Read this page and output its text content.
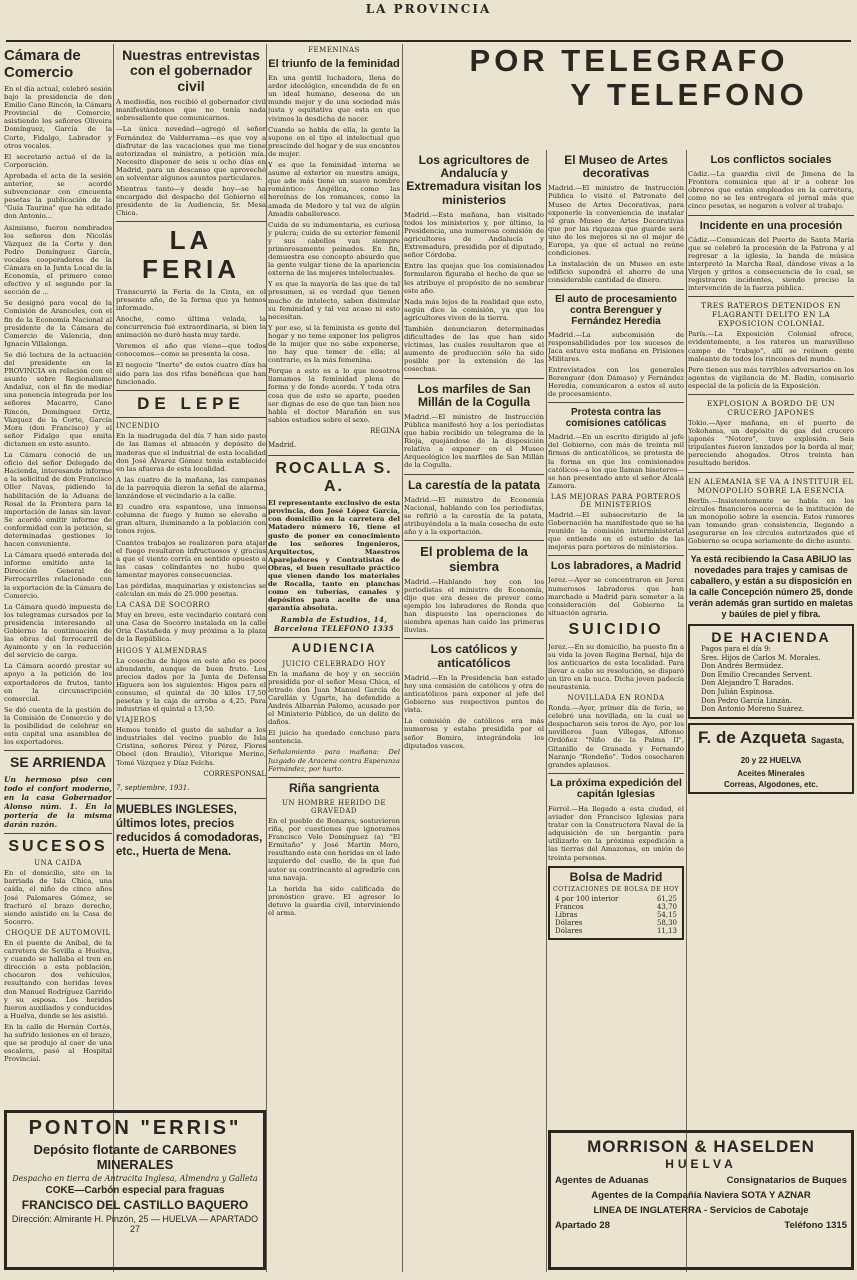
LA PROVINCIA
Cámara de Comercio

En el día actual, celebró sesión bajo la presidencia de don Emilio Cano Rincón, la Cámara Provincial de Comercio, asistiendo los señores Oliveira Domínguez, García de la Corte, Fidalgo, Labrador y otros vocales.

El secretario actuó el de la Corporación.

Aprobada el acta de la sesión anterior, se acordó subvencionar con cincuenta pesetas la publicación de la "Guía Taurina" que ha editado don Antonio...

Asimismo, fueron nombrados los señores don Nicolás Vázquez de la Corte y don Pedro Domínguez García, vocales cooperadores de la Cámara en la Junta Local de la Economía, el primero como efectivo y el segundo por la sección de ...

Se designó para vocal de la Comisión de Aranceles, con el fin de la Economía Nacional al presidente de la Cámara de Comercio de Valencia, don Ignacio Villalonga.

Se dió lectura de la actuación del presidente en la PROVINCIA en relación con el asunto sobre Regionalismo Andaluz, con el fin de mediar una ponencia integrada por los señores Macarro, Cano Rincón, Domínguez Ortiz, Vázquez de la Corte, García Mora (don Francisco) y el señor Fidalgo que emita dictamen en este asunto.

La Cámara conoció de un oficio del señor Delegado de Hacienda, interesando informe a la solicitud de don Francisco Oller Navas, pidiendo la habilitación de la Aduana de Rosal de la Frontera para la importación de lanas sin lavar. Se acordó emitir informe de conformidad con la petición, si determinadas gestiones lo hacen conveniente.

La Cámara quedó enterada del informe emitido ante la Dirección General de Ferrocarriles relacionado con la exportación de la Cámara de Comercio.

La Cámara quedó impuesta de los telegramas cursados por la presidencia interesando al Gobierno la continuación de las obras del ferrocarril de Ayamonte y en la reducción del servicio de carga.

La Cámara acordó prestar su apoyo a la petición de los exportadores de frutos, tanto en la circunscripción comercial.

Se dió cuenta de la gestión de la Comisión de Comercio y de la posibilidad de celebrar en esta capital una asamblea de los exportadores.

SE ARRIENDA

Un hermoso piso con todo el confort moderno, en la casa Gobernador Alonso núm. 1. En la portería de la misma darán razón.

SUCESOS
UNA CAIDA

En el domicilio, sito en la barriada de Isla Chica, una caída, el niño de cinco años José Palomares Gómez, se fracturó el brazo derecho, siendo asistido en la Casa de Socorro.

CHOQUE DE AUTOMOVIL

En el puente de Aníbal, de la carretera de Sevilla a Huelva, y cuando se hallaba el tren en dirección a esta población, chocaron dos vehículos, resultando con heridas leves don Manuel Rodríguez Garrido y su esposa. Los heridos fueron auxiliados y conducidos a Huelva, donde se les asistió.

En la calle de Hernán Cortés, ha sufrido lesiones en el brazo, que se produjo al caer de una escalera, pasó al Hospital Provincial.

Nuestras entrevistas con el gobernador civil

A mediodía, nos recibió el gobernador civil manifestándonos que no tenía nada sobresaliente que comunicarnos.

—La única novedad—agregó el señor Fernández de Valderrama—es que voy a disfrutar de las vacaciones que me tiene autorizadas el ministro, a petición mía. Necesito disponer de seis u ocho días en Madrid, para un descanso que aproveché en solventar algunos asuntos particulares.

Mientras tanto—y desde hoy—se ha encargado del despacho del Gobierno el presidente de la Audiencia, Sr. Mesa Chica.

LA FERIA

Transcurrió la Feria de la Cinta, en el presente año, de la forma que ya hemos informado.

Anoche, como última velada, la concurrencia fué extraordinaria, si bien la animación no duró hasta muy tarde.

Veremos el año que viene—que todos conocemos—como se presenta la cosa.

El negocio "Inerte" de estos cuatro días ha sido para las dos rifas benéficas que han funcionado.

DE LEPE
INCENDIO

En la madrugada del día 7 han sido pasto de las llamas el almacén y depósito de maderas que el industrial de esta localidad don José Álvarez Gómez tenía establecido en las afueras de esta localidad.

A las cuatro de la mañana, las campanas de la parroquia dieron la señal de alarma, lanzándose el vecindario a la calle.

El cuadro era espantoso, una inmensa columna de fuego y humo se elevaba a gran altura, iluminando a la población con tonos rojos.

Cuantos trabajos se realizaron para atajar el fuego resultaron infructuosos y gracias a que el viento corría en sentido opuesto a las casas colindantes no hubo que lamentar mayores consecuencias.

Las pérdidas, maquinarias y existencias se calculan en más de 25.000 pesetas.

LA CASA DE SOCORRO

Muy en breve, este vecindario contará con una Casa de Socorro instalada en la calle Oria Castañeda y muy próxima a la plaza de la República.

HIGOS Y ALMENDRAS

La cosecha de higos en este año es poco abundante, aunque de buen fruto. Los precios dados por la Junta de Defensa Higuera son los siguientes: Higos para el consumo, el quintal de 30 kilos 17,50 pesetas y la caja de arroba a 4,25. Para industrias el quintal a 13,50.

VIAJEROS

Hemos tenido el gusto de saludar a los industriales del vecino pueblo de Isla Cristina, señores Pérez y Pérez, Flores Oboel (don Braulio), Vitorique Merino, Tomé Vázquez y Díaz Felchs.

CORRESPONSAL
7, septiembre, 1931.
MUEBLES INGLESES, últimos lotes, precios reducidos á comodadoras, etc., Huerta de Mena.
FEMENINAS
El triunfo de la feminidad

En una gentil luchadora, llena de ardor ideológico, encendida de fe en un ideal humano, deseosa de un mundo mejor y de una sociedad más justa y equitativa que esta en que vivimos la desdicha de nacer.

Cuando se habla de ella, la gente la supone en el tipo el intelectual que prescinde del hogar y de sus encantos de mujer.

Y es que la feminidad interna se asume al exterior en nuestra amiga, que ade más tiene un suave nombre romántico: Angélica, como las heroínas de los romances, como la amada de Medoro y tal vez de algún Amadís caballeresco.

Cuida de su indumentaria, es curiosa y pulcra; cuida de su exterior femenil y sus cabellos van siempre primorosamente peinados. En fin, demuestra ese concepto absurdo que la gente vulgar tiene de la apariencia externa de las mujeres intelectuales.

Y es que la mayoría de las que de tal presumen, si es verdad que tienen mucho de intelecto, saben disimular su feminidad y tal vez acaso ni esto necesitan.

Y por eso, si la feminista es gente del hogar y no teme exponer los peligros de la mujer que no sabe exponerse, no hay que temer de ella; al contrario, es la más femenina.

Porque a esto es a lo que nosotros llamamos la feminidad plena de forma y de fondo acorde. Y toda otra cosa que de esto se aparte, pueden ser dignas de eso de que tan bien nos habla el doctor Marañón en sus sabios estudios sobre el sexo.

REGINA
Madrid.
ROCALLA S. A.

El representante exclusivo de esta provincia, don José López García, con domicilio en la carretera del Matadero número 16, tiene el gusto de poner en conocimiento de los señores Ingenieros, Arquitectos, Maestros Aparejadores y Contratistas de Obras, el buen resultado práctico que vienen dando los materiales de Rocalla, tanto en planchas como en tuberías, canales y depósitos para aceite de una garantía absoluta.

Rambla de Estudios, 14, Barcelona TELEFONO 1335
AUDIENCIA
JUICIO CELEBRADO HOY

En la mañana de hoy y en sección presidida por el señor Mesa Chica, el letrado don Juan Manuel García de Carellán y Ugarte, ha defendido a Andrés Albarrán Palomo, acusado por el Ministerio Público, de un delito de daños.

El juicio ha quedado concluso para sentencia.

Señalamiento para mañana: Del Juzgado de Aracena contra Esperanza Fernández, por hurto.

Riña sangrienta
UN HOMBRE HERIDO DE GRAVEDAD

En el pueblo de Bonares, sostuvieron riña, por cuestiones que ignoramos Francisco Velo Domínguez (a) "El Ermitaño" y José Martín Moro, resultando este con heridas en el lado izquierdo del cuello, de la que fué autor su contrincante al agredirle con una navaja.

La herida ha sido calificada de pronóstico grave. El agresor lo detuvo la guardia civil, interviniendo el arma.

POR TELEGRAFO
Y TELEFONO
Los agricultores de Andalucía y Extremadura visitan los ministerios

Madrid.—Esta mañana, han visitado todos los ministerios y, por último, la Presidencia, una numerosa comisión de agricultores de Andalucía y Extremadura, presidida por el diputado, señor Córdoba.

Entre las quejas que los comisionados formularon figuraba el hecho de que se les atribuye el propósito de no sembrar este año.

Nada más lejos de la realidad que esto, según dice la comisión, ya que los agricultores viven de la tierra.

También denunciaron determinadas dificultades de las que han sido víctimas, las cuales resultaron que el aumento de producción sólo ha sido posible por la extensión de las cosechas.

Los marfiles de San Millán de la Cogulla

Madrid.—El ministro de Instrucción Pública manifestó hoy a los periodistas que había recibido un telegrama de la Rioja, quejándose de la disposición relativa a exponer en el Museo Arqueológico los marfiles de San Millán de la Cogulla.

La carestía de la patata

Madrid.—El ministro de Economía Nacional, hablando con los periodistas, se refirió a la carestía de la patata, atribuyéndola a la mala cosecha de este año y a la exportación.

El problema de la siembra

Madrid.—Hablando hoy con los periodistas el ministro de Economía, dijo que era deseo de prever como ejemplo los labradores de Ronda que han dispuesto las operaciones de siembra apenas han caído las primeras lluvias.

Los católicos y anticatólicos

Madrid.—En la Presidencia han estado hoy una comisión de católicos y otra de anticatólicos para exponer al jefe del Gobierno sus respectivos puntos de vista.

La comisión de católicos era más numerosa y estaba presidida por el señor Bemira, integrándola los diputados vascos.

El Museo de Artes decorativas

Madrid.—El ministro de Instrucción Pública lo visitó el Patronato del Museo de Artes Decorativas, para exponerle la conveniencia de instalar el gran Museo de Artes Decorativas que por las riquezas que guarde será uno de los mejores si no el mejor de Europa, ya que el actual no reúne condiciones.

La instalación de un Museo en este edificio supondrá el ahorro de una considerable cantidad de dinero.

El auto de procesamiento contra Berenguer y Fernández Heredia

Madrid.—La subcomisión de responsabilidades por los sucesos de Jaca estuvo esta mañana en Prisiones Militares.

Entrevistados con los generales Berenguer (don Dámaso) y Fernández Heredia, comunicaron a estos el auto de procesamiento.

Protesta contra las comisiones católicas

Madrid.—En un escrito dirigido al jefe del Gobierno, con más de treinta mil firmas de anticatólicos, se protesta de la forma en que los comisionados católicos—a los que llaman bisoteros—se han presentado ante el señor Alcalá Zamora.

LAS MEJORAS PARA PORTEROS DE MINISTERIOS

Madrid.—El subsecretario de la Gobernación ha manifestado que se ha reunido la comisión interministerial que entiende en el estudio de las mejoras para porteros de ministerios.

Los labradores, a Madrid

Jerez.—Ayer se concentraron en Jerez numerosos labradores que han marchado a Madrid para someter a la consideración del Gobierno la situación agraria.

SUICIDIO

Jerez.—En su domicilio, ha puesto fin a su vida la joven Regina Bernal, hija de los anticuarios de esta localidad. Para llevar a cabo su resolución, se disparó un tiro en la nuca. Dicha joven padecía neurastenia.

NOVILLADA EN RONDA

Ronda.—Ayer, primer día de feria, se celebró una novillada, en la cual se despacharon seis toros de Ayo, por los novilleros Juan Villegas, Alfonso Ordóñez "Niño de la Palma II", Gitanillo de Granada y Fernando Naranjo "Rondeño". Todos cosecharon grandes aplausos.

La próxima expedición del capitán Iglesias

Ferrol.—Ha llegado a esta ciudad, el aviador don Francisco Iglesias para tratar con la Constructora Naval de la adquisición de un bergantín para utilizarlo en la próxima expedición a las tierras del Amazonas, en unión de treinta personas.

Bolsa de Madrid
COTIZACIONES DE BOLSA DE HOY
4 por 100 interior	61,25
Francos	43,70
Libras	54,15
Dólares	58,30
Dólares	11,13
Los conflictos sociales

Cádiz.—La guardia civil de Jimena de la Frontera comunica que al ir a cobrar los obreros que están empleados en la carretera, como no se les entregara el jornal más que cinco pesetas, se negaron a volver al trabajo.

Incidente en una procesión

Cádiz.—Comunican del Puerto de Santa María que se celebró la procesión de la Patrona y al regresar a la iglesia, la banda de música interpretó la Marcha Real, dándose vivas a la Virgen y gritos a consecuencia de lo cual, se registraron incidentes, siendo preciso la intervención de la fuerza pública.

TRES RATEROS DETENIDOS EN FLAGRANTI DELITO EN LA EXPOSICION COLONIAL

París.—La Exposición Colonial ofrece, evidentemente, a los rateros un maravilloso campo de "trabajo", allí se reúnen gente maleante de todos los rincones del mundo.

Pero tienen sus más terribles adversarios en los agentes de vigilancia de M. Badin, comisario especial de la policía de la Exposición.

EXPLOSION A BORDO DE UN CRUCERO JAPONES

Tokio.—Ayer mañana, en el puerto de Yokohama, un depósito de gas del crucero japonés "Notoro", tuvo explosión. Seis tripulantes fueron lanzados por la borda al mar, pereciendo ahogados. Otros treinta han resultado heridos.

EN ALEMANIA SE VA A INSTITUIR EL MONOPOLIO SOBRE LA ESENCIA

Berlín.—Insistentemente se habla en los círculos financieros acerca de la institución de un monopolio sobre la esencia. Estos rumores van tomando gran consistencia, llegando a asegurarse en los círculos autorizados que el Gobierno se ocupa seriamente de dicho asunto.

Ya está recibiendo la Casa ABILIO las novedades para trajes y camisas de caballero, y están a su disposición en la calle Concepción número 25, donde verán además gran surtido en maletas y baúles de piel y fibra.

DE HACIENDA
Pagos para el día 9:
Sres. Hijos de Carlos M. Morales.
Don Andrés Bermúdez.
Don Emilio Crecandes Servent.
Don Alejandro T. Barados.
Don Julián Espinosa.
Don Pedro García Linzán.
Don Antonio Moreno Suárez.
F. de Azqueta Sagasta, 20 y 22 HUELVA
Aceites Minerales
Correas, Algodones, etc.
PONTON "ERRIS"
Depósito flotante de CARBONES MINERALES
Despacho en tierra de Antracita Inglesa, Almendra y Galleta
COKE—Carbón especial para fraguas
FRANCISCO DEL CASTILLO BAQUERO
Dirección: Almirante H. Pinzón, 25 — HUELVA — APARTADO 27
MORRISON & HASELDEN
HUELVA
Agentes de Aduanas	Consignatarios de Buques
Agentes de la Compañía Naviera SOTA Y AZNAR
LINEA DE INGLATERRA - Servicios de Cabotaje
Apartado 28	Teléfono 1315
